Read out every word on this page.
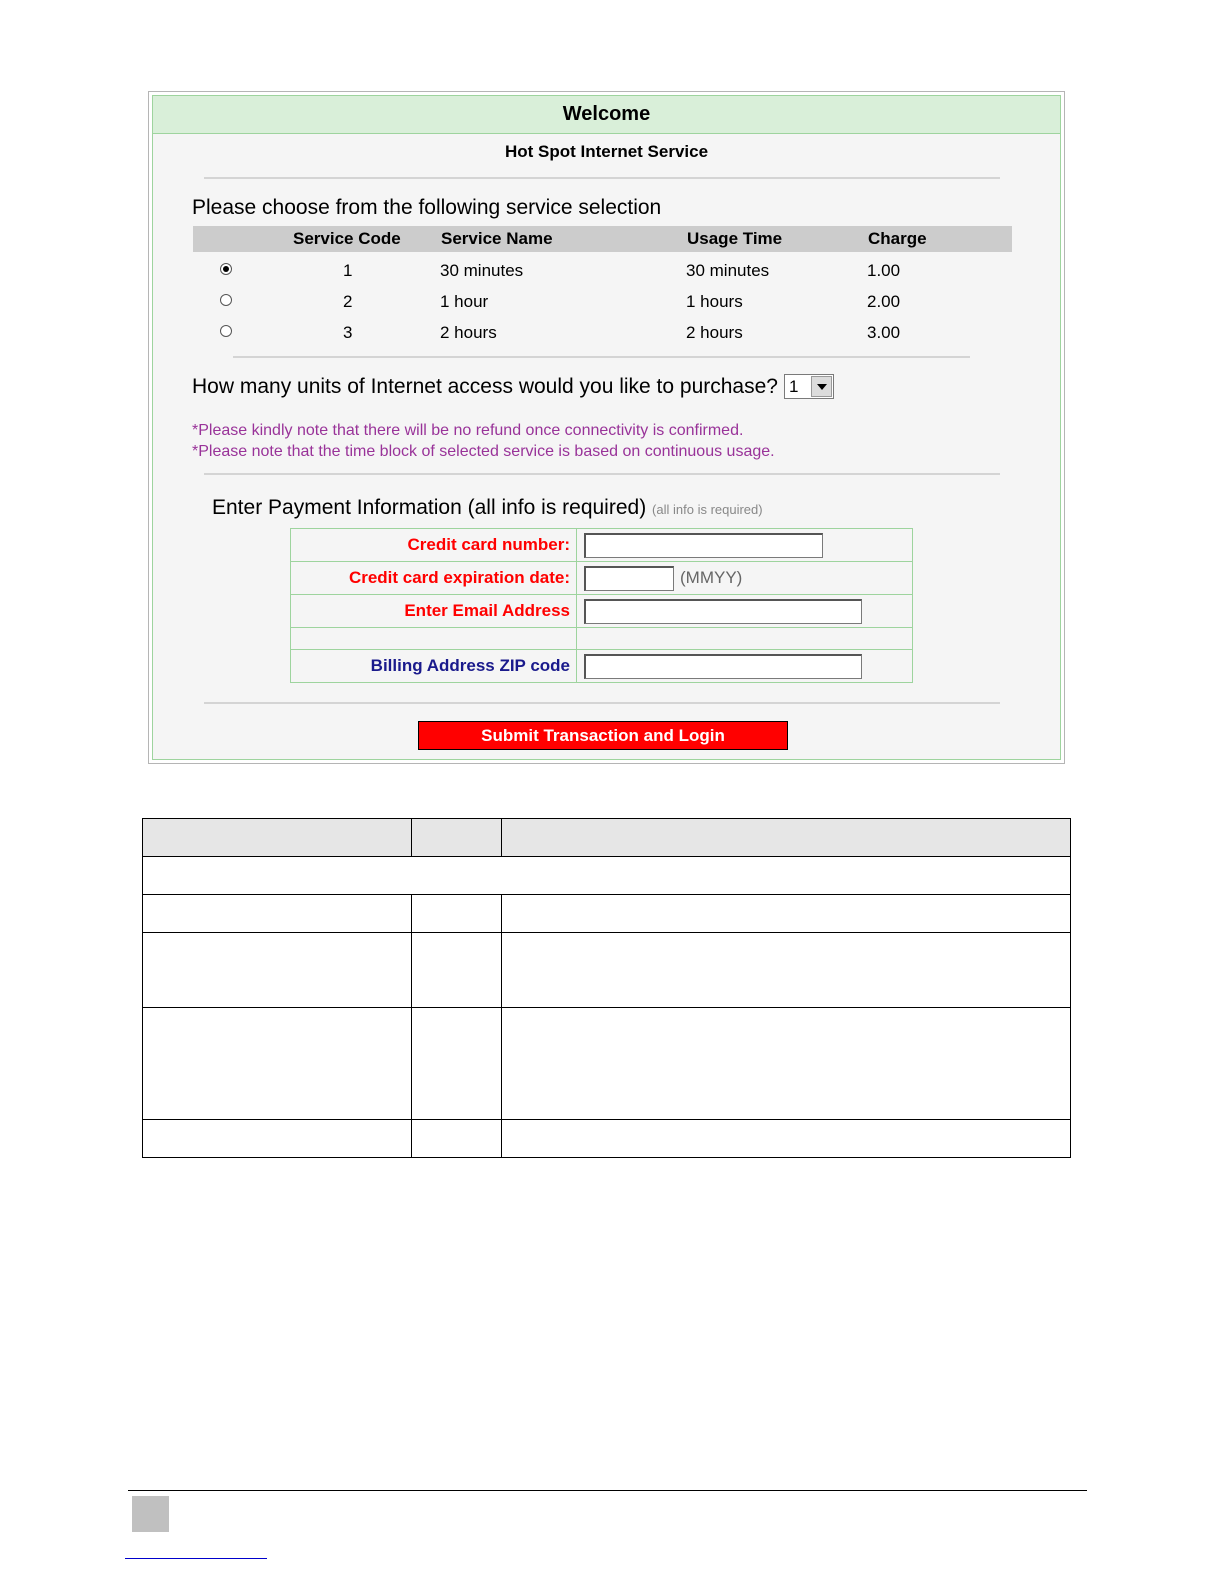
Welcome
Hot Spot Internet Service
Please choose from the following service selection
Service Code Service Name	Usage Time	Charge
1	30 minutes	30 minutes	1.00
2	1 hour	1 hours	2.00
3	2 hours	2 hours	3.00
How many units of Internet access would you like to purchase? 1
*Please kindly note that there will be no refund once connectivity is confirmed.
*Please note that the time block of selected service is based on continuous usage.
Enter Payment Information (all info is required) (all info is required)
Credit card number:	
Credit card expiration date:	(MMYY)
Enter Email Address	

Billing Address ZIP code	
Submit Transaction and Login
